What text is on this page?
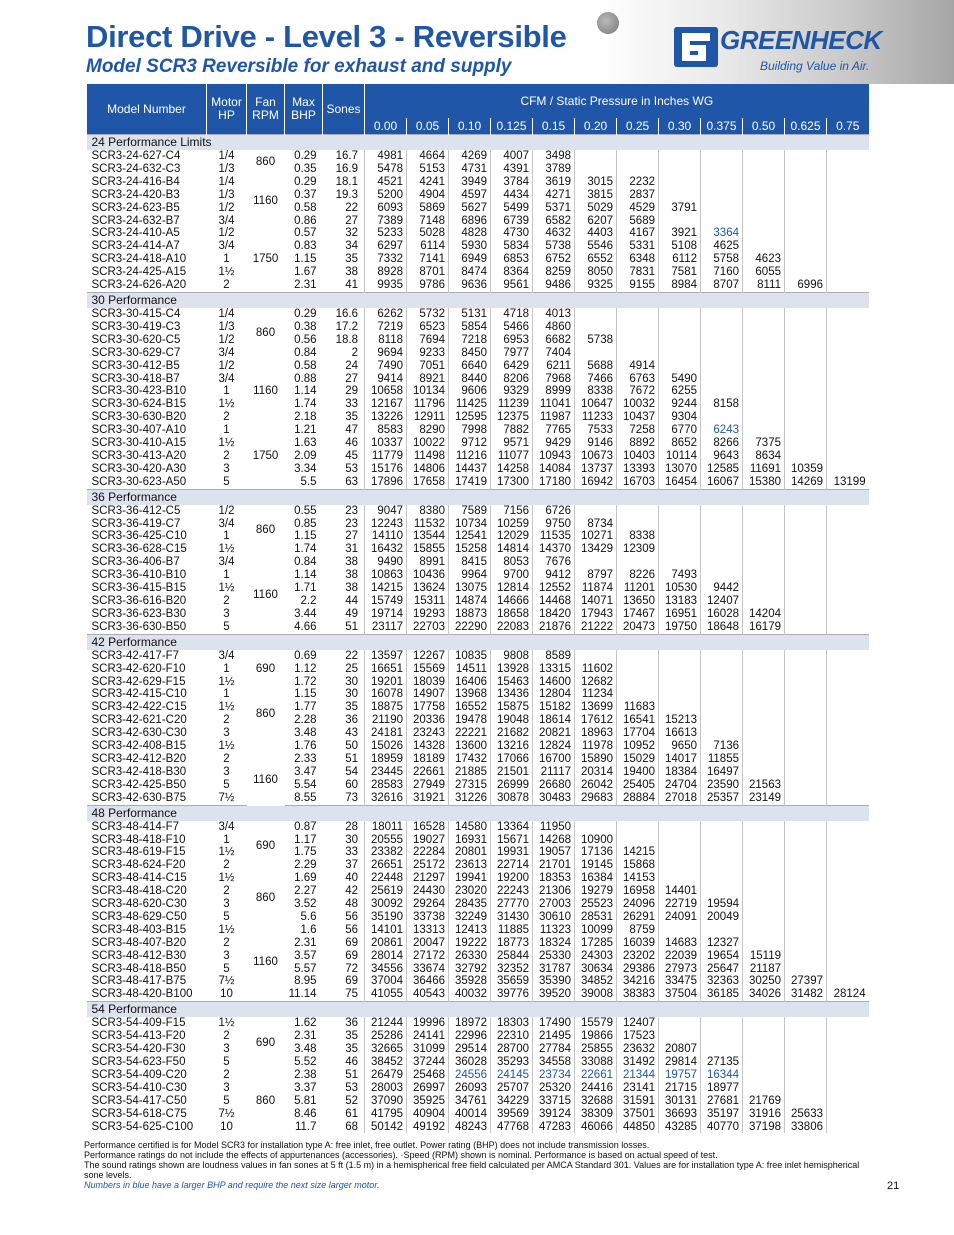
Direct Drive - Level 3 - Reversible
Model SCR3 Reversible for exhaust and supply
GREENHECK
Building Value in Air.
Model Number	Motor HP	Fan RPM	Max BHP	Sones	CFM / Static Pressure in Inches WG											
					0.00	0.05	0.10	0.125	0.15	0.20	0.25	0.30	0.375	0.50	0.625	0.75
24 Performance Limits																
SCR3-24-627-C4	1/4	860	0.29	16.7	4981	4664	4269	4007	3498							
SCR3-24-632-C3	1/3		0.35	16.9	5478	5153	4731	4391	3789							
SCR3-24-416-B4	1/4	1160	0.29	18.1	4521	4241	3949	3784	3619	3015	2232					
SCR3-24-420-B3	1/3		0.37	19.3	5200	4904	4597	4434	4271	3815	2837					
SCR3-24-623-B5	1/2		0.58	22	6093	5869	5627	5499	5371	5029	4529	3791				
SCR3-24-632-B7	3/4		0.86	27	7389	7148	6896	6739	6582	6207	5689					
SCR3-24-410-A5	1/2	1750	0.57	32	5233	5028	4828	4730	4632	4403	4167	3921	3364			
SCR3-24-414-A7	3/4		0.83	34	6297	6114	5930	5834	5738	5546	5331	5108	4625			
SCR3-24-418-A10	1		1.15	35	7332	7141	6949	6853	6752	6552	6348	6112	5758	4623		
SCR3-24-425-A15	1½		1.67	38	8928	8701	8474	8364	8259	8050	7831	7581	7160	6055		
SCR3-24-626-A20	2		2.31	41	9935	9786	9636	9561	9486	9325	9155	8984	8707	8111	6996	
30 Performance																
SCR3-30-415-C4	1/4	860	0.29	16.6	6262	5732	5131	4718	4013							
SCR3-30-419-C3	1/3		0.38	17.2	7219	6523	5854	5466	4860							
SCR3-30-620-C5	1/2		0.56	18.8	8118	7694	7218	6953	6682	5738						
SCR3-30-629-C7	3/4		0.84	2	9694	9233	8450	7977	7404							
SCR3-30-412-B5	1/2	1160	0.58	24	7490	7051	6640	6429	6211	5688	4914					
SCR3-30-418-B7	3/4		0.88	27	9414	8921	8440	8206	7968	7466	6763	5490				
SCR3-30-423-B10	1		1.14	29	10658	10134	9606	9329	8999	8338	7672	6255				
SCR3-30-624-B15	1½		1.74	33	12167	11796	11425	11239	11041	10647	10032	9244	8158			
SCR3-30-630-B20	2		2.18	35	13226	12911	12595	12375	11987	11233	10437	9304				
SCR3-30-407-A10	1	1750	1.21	47	8583	8290	7998	7882	7765	7533	7258	6770	6243			
SCR3-30-410-A15	1½		1.63	46	10337	10022	9712	9571	9429	9146	8892	8652	8266	7375		
SCR3-30-413-A20	2		2.09	45	11779	11498	11216	11077	10943	10673	10403	10114	9643	8634		
SCR3-30-420-A30	3		3.34	53	15176	14806	14437	14258	14084	13737	13393	13070	12585	11691	10359	
SCR3-30-623-A50	5		5.5	63	17896	17658	17419	17300	17180	16942	16703	16454	16067	15380	14269	13199
36 Performance																
SCR3-36-412-C5	1/2	860	0.55	23	9047	8380	7589	7156	6726							
SCR3-36-419-C7	3/4		0.85	23	12243	11532	10734	10259	9750	8734						
SCR3-36-425-C10	1		1.15	27	14110	13544	12541	12029	11535	10271	8338					
SCR3-36-628-C15	1½		1.74	31	16432	15855	15258	14814	14370	13429	12309					
SCR3-36-406-B7	3/4	1160	0.84	38	9490	8991	8415	8053	7676							
SCR3-36-410-B10	1		1.14	38	10863	10436	9964	9700	9412	8797	8226	7493				
SCR3-36-415-B15	1½		1.71	38	14215	13624	13075	12814	12552	11874	11201	10530	9442			
SCR3-36-616-B20	2		2.2	44	15749	15311	14874	14666	14468	14071	13650	13183	12407			
SCR3-36-623-B30	3		3.44	49	19714	19293	18873	18658	18420	17943	17467	16951	16028	14204		
SCR3-36-630-B50	5		4.66	51	23117	22703	22290	22083	21876	21222	20473	19750	18648	16179		
42 Performance																
SCR3-42-417-F7	3/4	690	0.69	22	13597	12267	10835	9808	8589							
SCR3-42-620-F10	1		1.12	25	16651	15569	14511	13928	13315	11602						
SCR3-42-629-F15	1½		1.72	30	19201	18039	16406	15463	14600	12682						
SCR3-42-415-C10	1	860	1.15	30	16078	14907	13968	13436	12804	11234						
SCR3-42-422-C15	1½		1.77	35	18875	17758	16552	15875	15182	13699	11683					
SCR3-42-621-C20	2		2.28	36	21190	20336	19478	19048	18614	17612	16541	15213				
SCR3-42-630-C30	3		3.48	43	24181	23243	22221	21682	20821	18963	17704	16613				
SCR3-42-408-B15	1½	1160	1.76	50	15026	14328	13600	13216	12824	11978	10952	9650	7136			
SCR3-42-412-B20	2		2.33	51	18959	18189	17432	17066	16700	15890	15029	14017	11855			
SCR3-42-418-B30	3		3.47	54	23445	22661	21885	21501	21117	20314	19400	18384	16497			
SCR3-42-425-B50	5		5.54	60	28583	27949	27315	26999	26680	26042	25405	24704	23590	21563		
SCR3-42-630-B75	7½		8.55	73	32616	31921	31226	30878	30483	29683	28884	27018	25357	23149		
48 Performance																
SCR3-48-414-F7	3/4	690	0.87	28	18011	16528	14580	13364	11950							
SCR3-48-418-F10	1		1.17	30	20555	19027	16931	15671	14268	10900						
SCR3-48-619-F15	1½		1.75	33	23382	22284	20801	19931	19057	17136	14215					
SCR3-48-624-F20	2		2.29	37	26651	25172	23613	22714	21701	19145	15868					
SCR3-48-414-C15	1½	860	1.69	40	22448	21297	19941	19200	18353	16384	14153					
SCR3-48-418-C20	2		2.27	42	25619	24430	23020	22243	21306	19279	16958	14401				
SCR3-48-620-C30	3		3.52	48	30092	29264	28435	27770	27003	25523	24096	22719	19594			
SCR3-48-629-C50	5		5.6	56	35190	33738	32249	31430	30610	28531	26291	24091	20049			
SCR3-48-403-B15	1½	1160	1.6	56	14101	13313	12413	11885	11323	10099	8759					
SCR3-48-407-B20	2		2.31	69	20861	20047	19222	18773	18324	17285	16039	14683	12327			
SCR3-48-412-B30	3		3.57	69	28014	27172	26330	25844	25330	24303	23202	22039	19654	15119		
SCR3-48-418-B50	5		5.57	72	34556	33674	32792	32352	31787	30634	29386	27973	25647	21187		
SCR3-48-417-B75	7½		8.95	69	37004	36466	35928	35659	35390	34852	34216	33475	32363	30250	27397	
SCR3-48-420-B100	10		11.14	75	41055	40543	40032	39776	39520	39008	38383	37504	36185	34026	31482	28124
54 Performance																
SCR3-54-409-F15	1½	690	1.62	36	21244	19996	18972	18303	17490	15579	12407					
SCR3-54-413-F20	2		2.31	35	25286	24141	22996	22310	21495	19866	17523					
SCR3-54-420-F30	3		3.48	35	32665	31099	29514	28700	27784	25855	23632	20807				
SCR3-54-623-F50	5		5.52	46	38452	37244	36028	35293	34558	33088	31492	29814	27135			
SCR3-54-409-C20	2	860	2.38	51	26479	25468	24556	24145	23734	22661	21344	19757	16344			
SCR3-54-410-C30	3		3.37	53	28003	26997	26093	25707	25320	24416	23141	21715	18977			
SCR3-54-417-C50	5		5.81	52	37090	35925	34761	34229	33715	32688	31591	30131	27681	21769		
SCR3-54-618-C75	7½		8.46	61	41795	40904	40014	39569	39124	38309	37501	36693	35197	31916	25633	
SCR3-54-625-C100	10		11.7	68	50142	49192	48243	47768	47283	46066	44850	43285	40770	37198	33806	
Performance certified is for Model SCR3 for installation type A: free inlet, free outlet. Power rating (BHP) does not include transmission losses.
Performance ratings do not include the effects of appurtenances (accessories). ·Speed (RPM) shown is nominal. Performance is based on actual speed of test.
The sound ratings shown are loudness values in fan sones at 5 ft (1.5 m) in a hemispherical free field calculated per AMCA Standard 301. Values are for installation type A: free inlet hemispherical sone levels.
Numbers in blue have a larger BHP and require the next size larger motor.	21
